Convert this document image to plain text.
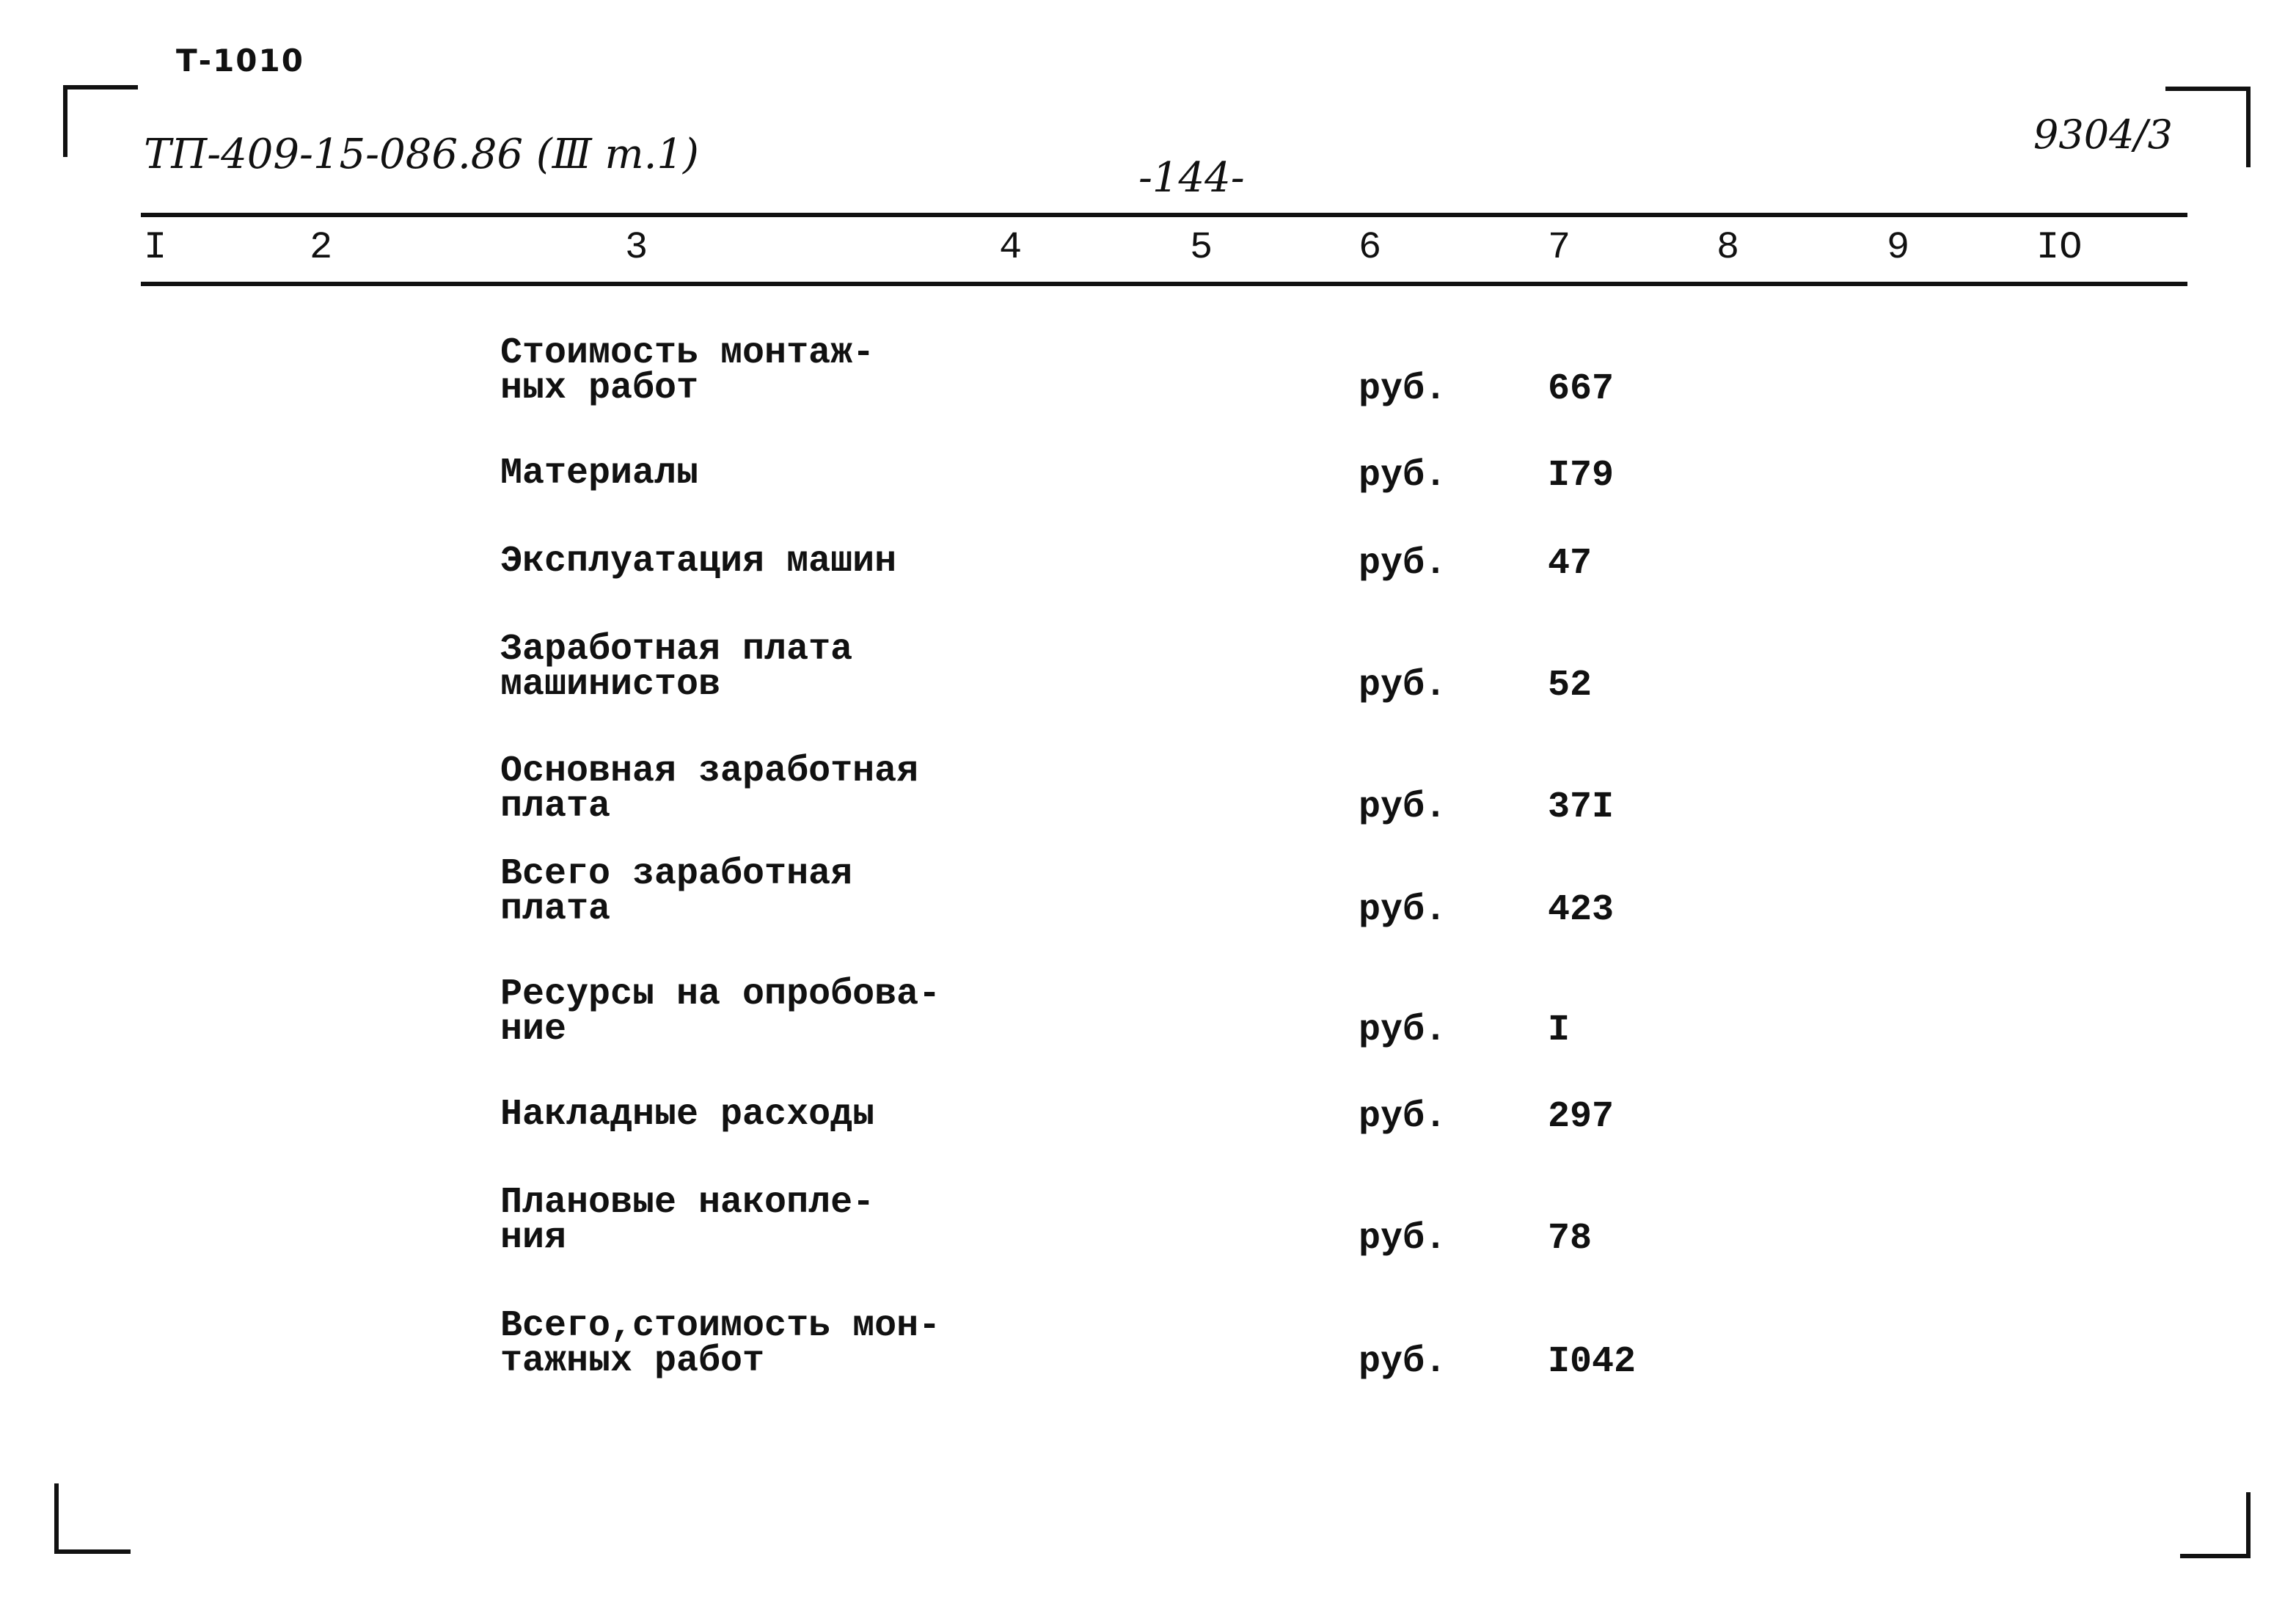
Т-1010
ТП-409-15-086.86 (Ⅲ т.1)	-144-
9304/3
I	2	3	4	5	6	7	8	9	IO
Стоимость монтаж-
ных работ	руб.	667
Материалы	руб.	I79
Эксплуатация машин	руб.	47
Заработная плата
машинистов	руб.	52
Основная заработная
плата	руб.	37I
Всего заработная
плата	руб.	423
Ресурсы на опробова-
ние	руб.	I
Накладные расходы	руб.	297
Плановые накопле-
ния	руб.	78
Всего,стоимость мон-
тажных работ	руб.	I042
